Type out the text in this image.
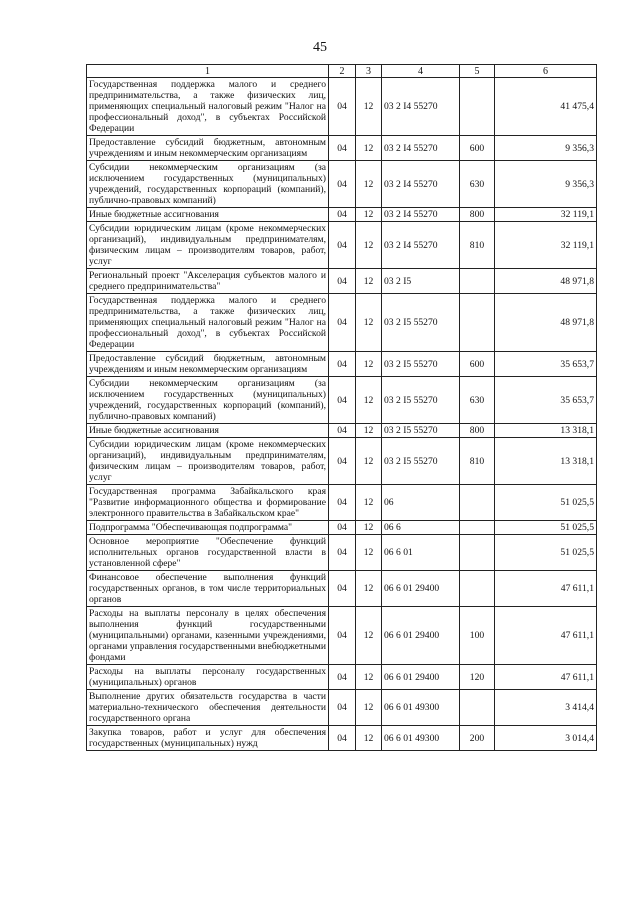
45
1	2	3	4	5	6
Государственная поддержка малого и среднего предпринимательства, а также физических лиц, применяющих специальный налоговый режим "Налог на профессиональный доход", в субъектах Российской Федерации	04	12	03 2 I4 55270		41 475,4
Предоставление субсидий бюджетным, автономным учреждениям и иным некоммерческим организациям	04	12	03 2 I4 55270	600	9 356,3
Субсидии некоммерческим организациям (за исключением государственных (муниципальных) учреждений, государственных корпораций (компаний), публично-правовых компаний)	04	12	03 2 I4 55270	630	9 356,3
Иные бюджетные ассигнования	04	12	03 2 I4 55270	800	32 119,1
Субсидии юридическим лицам (кроме некоммерческих организаций), индивидуальным предпринимателям, физическим лицам – производителям товаров, работ, услуг	04	12	03 2 I4 55270	810	32 119,1
Региональный проект "Акселерация субъектов малого и среднего предпринимательства"	04	12	03 2 I5		48 971,8
Государственная поддержка малого и среднего предпринимательства, а также физических лиц, применяющих специальный налоговый режим "Налог на профессиональный доход", в субъектах Российской Федерации	04	12	03 2 I5 55270		48 971,8
Предоставление субсидий бюджетным, автономным учреждениям и иным некоммерческим организациям	04	12	03 2 I5 55270	600	35 653,7
Субсидии некоммерческим организациям (за исключением государственных (муниципальных) учреждений, государственных корпораций (компаний), публично-правовых компаний)	04	12	03 2 I5 55270	630	35 653,7
Иные бюджетные ассигнования	04	12	03 2 I5 55270	800	13 318,1
Субсидии юридическим лицам (кроме некоммерческих организаций), индивидуальным предпринимателям, физическим лицам – производителям товаров, работ, услуг	04	12	03 2 I5 55270	810	13 318,1
Государственная программа Забайкальского края "Развитие информационного общества и формирование электронного правительства в Забайкальском крае"	04	12	06		51 025,5
Подпрограмма "Обеспечивающая подпрограмма"	04	12	06 6		51 025,5
Основное мероприятие "Обеспечение функций исполнительных органов государственной власти в установленной сфере"	04	12	06 6 01		51 025,5
Финансовое обеспечение выполнения функций государственных органов, в том числе территориальных органов	04	12	06 6 01 29400		47 611,1
Расходы на выплаты персоналу в целях обеспечения выполнения функций государственными (муниципальными) органами, казенными учреждениями, органами управления государственными внебюджетными фондами	04	12	06 6 01 29400	100	47 611,1
Расходы на выплаты персоналу государственных (муниципальных) органов	04	12	06 6 01 29400	120	47 611,1
Выполнение других обязательств государства в части материально-технического обеспечения деятельности государственного органа	04	12	06 6 01 49300		3 414,4
Закупка товаров, работ и услуг для обеспечения государственных (муниципальных) нужд	04	12	06 6 01 49300	200	3 014,4
